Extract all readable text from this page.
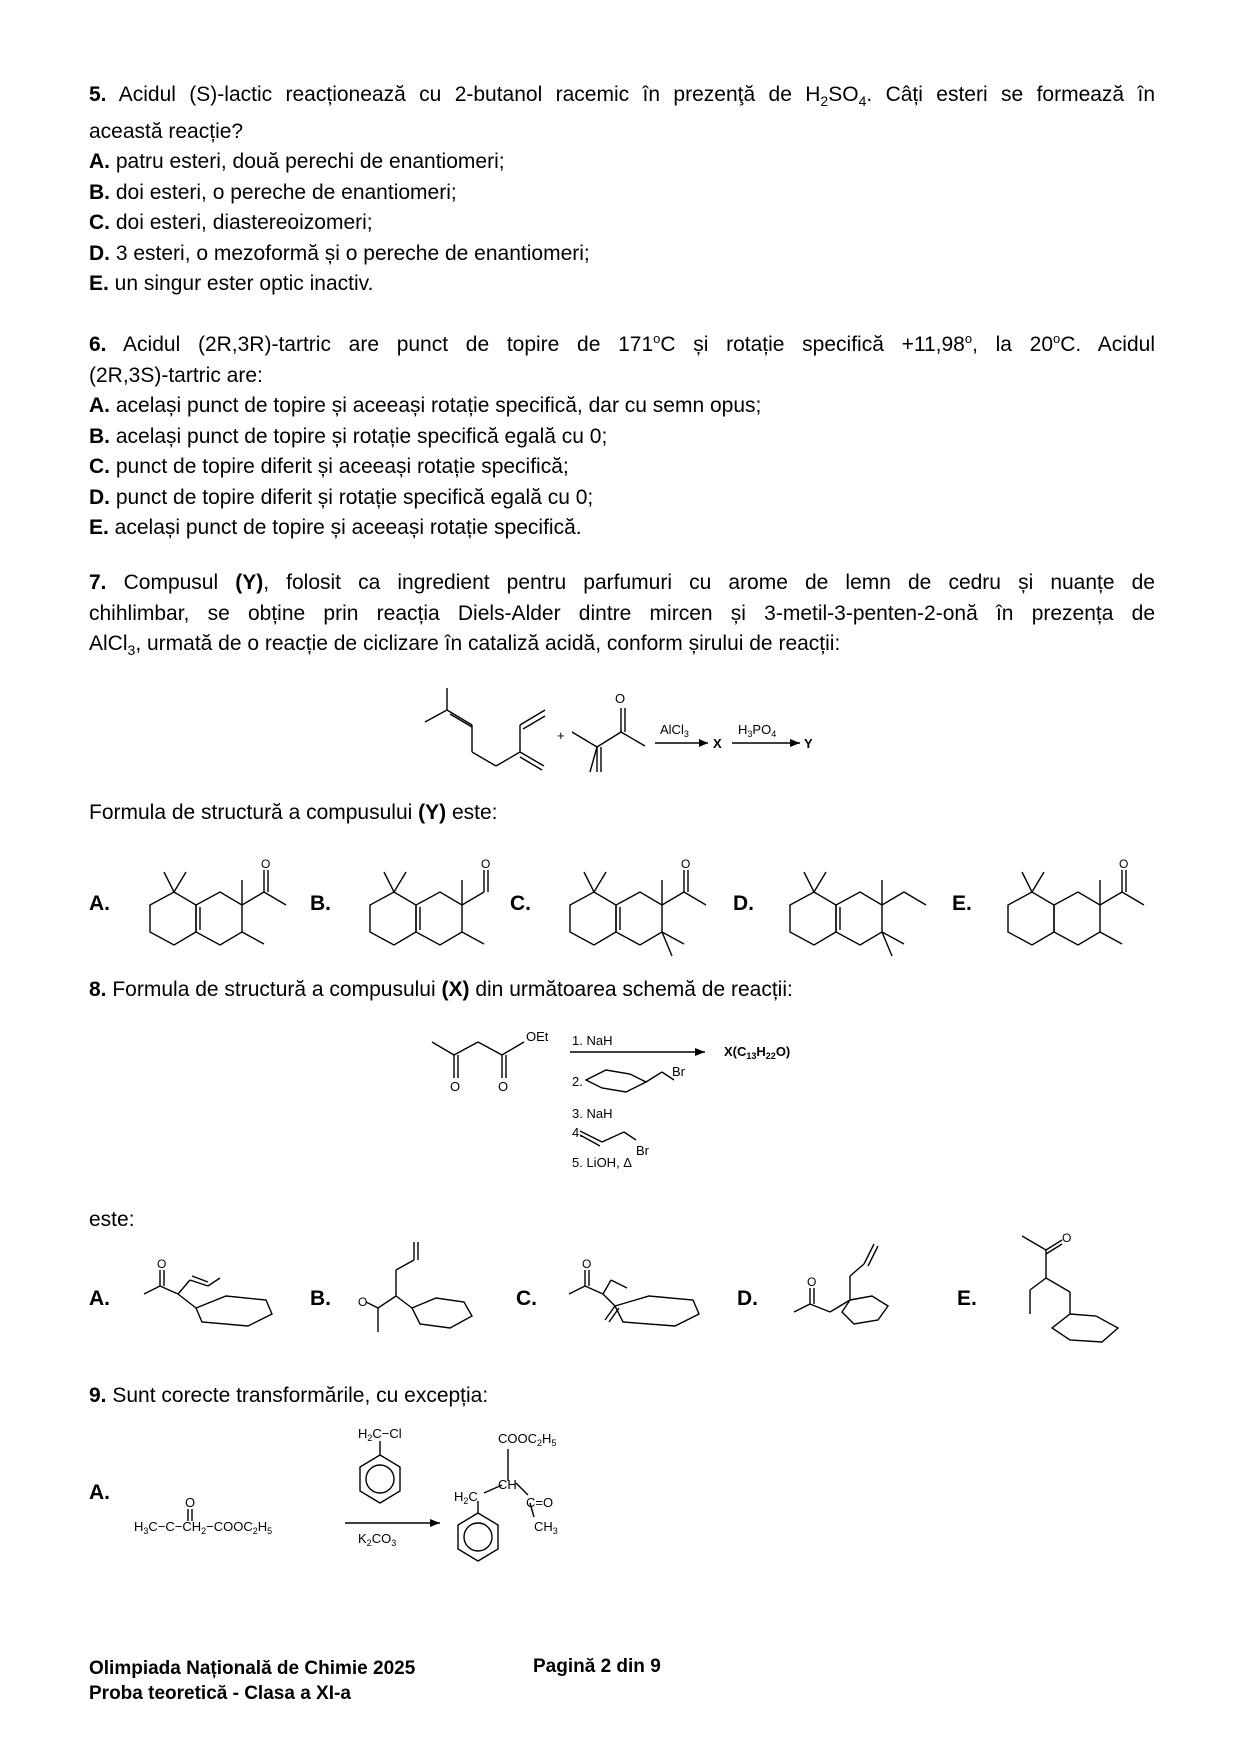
5. Acidul (S)-lactic reacționează cu 2-butanol racemic în prezenţă de $H_2SO_4$. Câți esteri se formează în
această reacție?
A. patru esteri, două perechi de enantiomeri;
B. doi esteri, o pereche de enantiomeri;
C. doi esteri, diastereoizomeri;
D. 3 esteri, o mezoformă și o pereche de enantiomeri;
E. un singur ester optic inactiv.
6. Acidul (2R,3R)-tartric are punct de topire de 171$^o$C și rotație specifică $+11,98^o$, la 20$^o$C. Acidul
(2R,3S)-tartric are:
A. același punct de topire și aceeași rotație specifică, dar cu semn opus;
B. același punct de topire și rotație specifică egală cu 0;
C. punct de topire diferit și aceeași rotație specifică;
D. punct de topire diferit și rotație specifică egală cu 0;
E. același punct de topire și aceeași rotație specifică.
7. Compusul (Y), folosit ca ingredient pentru parfumuri cu arome de lemn de cedru și nuanțe de
chihlimbar, se obține prin reacția Diels-Alder dintre mircen și 3-metil-3-penten-2-onă în prezența de
AlCl$_3$, urmată de o reacție de ciclizare în cataliză acidă, conform șirului de reacții:
+
O
AlCl$_3$
X
$H_3PO_4$
Y
Formula de structură a compusului (Y) este:
A.	B.	C.	D.	E.
O	O	O	O
8. Formula de structură a compusului (X) din următoarea schemă de reacții:
OEt
O	O
1. NaH
2.
Br
3. NaH
4.
Br
5. LiOH, Δ
$X(C_{13}H_{22}O)$
este:
A.	B.	C.	D.	E.
O
O
O
O
O
9. Sunt corecte transformările, cu excepția:
A.
$H_2C-Cl$
$K_2CO_3$
O
$H_3C-C-CH_2-COOC_2H_5$
$COOC_2H_5$
CH
$H_2C$	C=O
$CH_3$
Olimpiada Națională de Chimie 2025
Proba teoretică - Clasa a XI-a
Pagină 2 din 9
